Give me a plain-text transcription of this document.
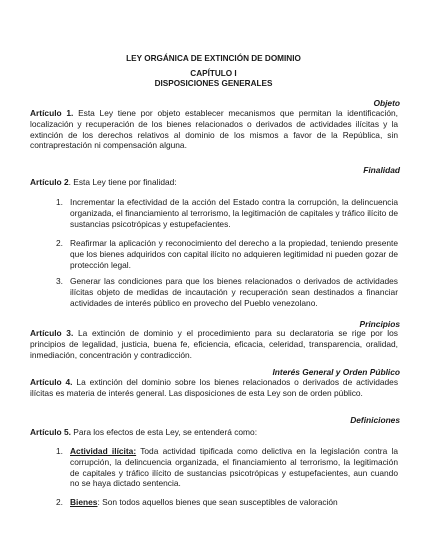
LEY ORGÁNICA DE EXTINCIÓN DE DOMINIO
CAPÍTULO I
DISPOSICIONES GENERALES
Objeto
Artículo 1. Esta Ley tiene por objeto establecer mecanismos que permitan la identificación, localización y recuperación de los bienes relacionados o derivados de actividades ilícitas y la extinción de los derechos relativos al dominio de los mismos a favor de la República, sin contraprestación ni compensación alguna.
Finalidad
Artículo 2. Esta Ley tiene por finalidad:
1. Incrementar la efectividad de la acción del Estado contra la corrupción, la delincuencia organizada, el financiamiento al terrorismo, la legitimación de capitales y tráfico ilícito de sustancias psicotrópicas y estupefacientes.
2. Reafirmar la aplicación y reconocimiento del derecho a la propiedad, teniendo presente que los bienes adquiridos con capital ilícito no adquieren legitimidad ni pueden gozar de protección legal.
3. Generar las condiciones para que los bienes relacionados o derivados de actividades ilícitas objeto de medidas de incautación y recuperación sean destinados a financiar actividades de interés público en provecho del Pueblo venezolano.
Principios
Artículo 3. La extinción de dominio y el procedimiento para su declaratoria se rige por los principios de legalidad, justicia, buena fe, eficiencia, eficacia, celeridad, transparencia, oralidad, inmediación, concentración y contradicción.
Interés General y Orden Público
Artículo 4. La extinción del dominio sobre los bienes relacionados o derivados de actividades ilícitas es materia de interés general. Las disposiciones de esta Ley son de orden público.
Definiciones
Artículo 5. Para los efectos de esta Ley, se entenderá como:
1. Actividad ilícita: Toda actividad tipificada como delictiva en la legislación contra la corrupción, la delincuencia organizada, el financiamiento al terrorismo, la legitimación de capitales y tráfico ilícito de sustancias psicotrópicas y estupefacientes, aun cuando no se haya dictado sentencia.
2. Bienes: Son todos aquellos bienes que sean susceptibles de valoración
